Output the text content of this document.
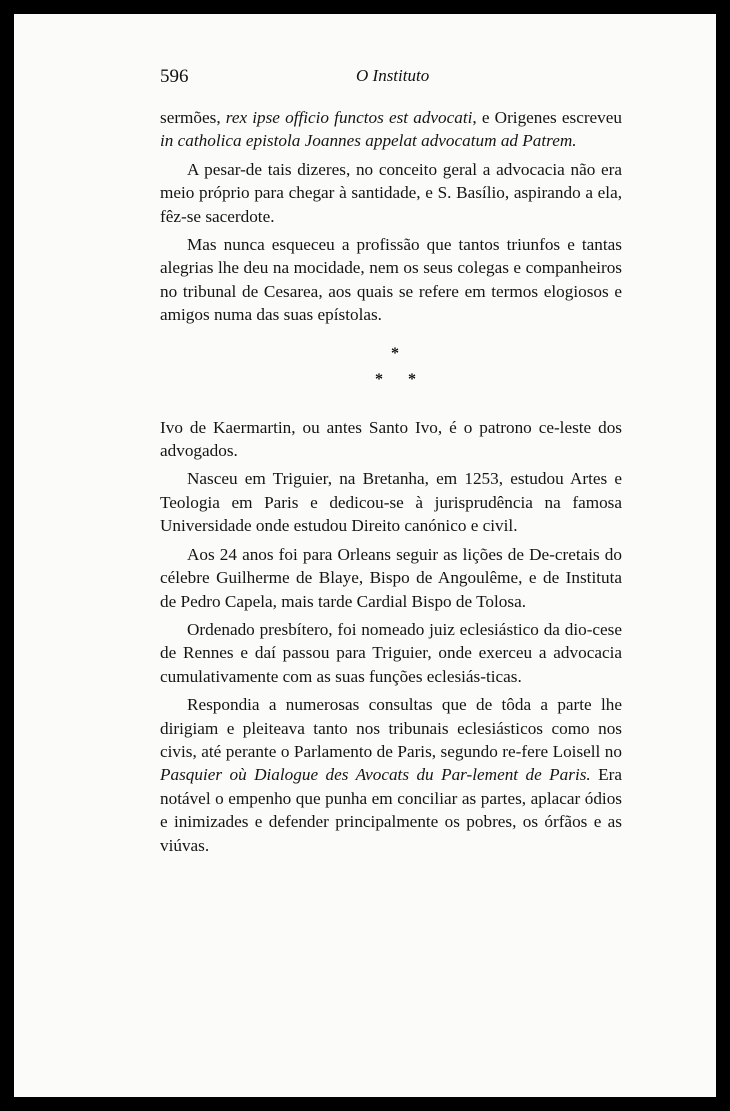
596	O Instituto

sermões, rex ipse officio functos est advocati, e Origenes escreveu in catholica epistola Joannes appelat advocatum ad Patrem.

A pesar-de tais dizeres, no conceito geral a advocacia não era meio próprio para chegar à santidade, e S. Basílio, aspirando a ela, fêz-se sacerdote.

Mas nunca esqueceu a profissão que tantos triunfos e tantas alegrias lhe deu na mocidade, nem os seus colegas e companheiros no tribunal de Cesarea, aos quais se refere em termos elogiosos e amigos numa das suas epístolas.

*
* *

Ivo de Kaermartin, ou antes Santo Ivo, é o patrono ce-leste dos advogados.

Nasceu em Triguier, na Bretanha, em 1253, estudou Artes e Teologia em Paris e dedicou-se à jurisprudência na famosa Universidade onde estudou Direito canónico e civil.

Aos 24 anos foi para Orleans seguir as lições de De-cretais do célebre Guilherme de Blaye, Bispo de Angoulême, e de Instituta de Pedro Capela, mais tarde Cardial Bispo de Tolosa.

Ordenado presbítero, foi nomeado juiz eclesiástico da dio-cese de Rennes e daí passou para Triguier, onde exerceu a advocacia cumulativamente com as suas funções eclesiás-ticas.

Respondia a numerosas consultas que de tôda a parte lhe dirigiam e pleiteava tanto nos tribunais eclesiásticos como nos civis, até perante o Parlamento de Paris, segundo re-fere Loisell no Pasquier où Dialogue des Avocats du Par-lement de Paris. Era notável o empenho que punha em conciliar as partes, aplacar ódios e inimizades e defender principalmente os pobres, os órfãos e as viúvas.
